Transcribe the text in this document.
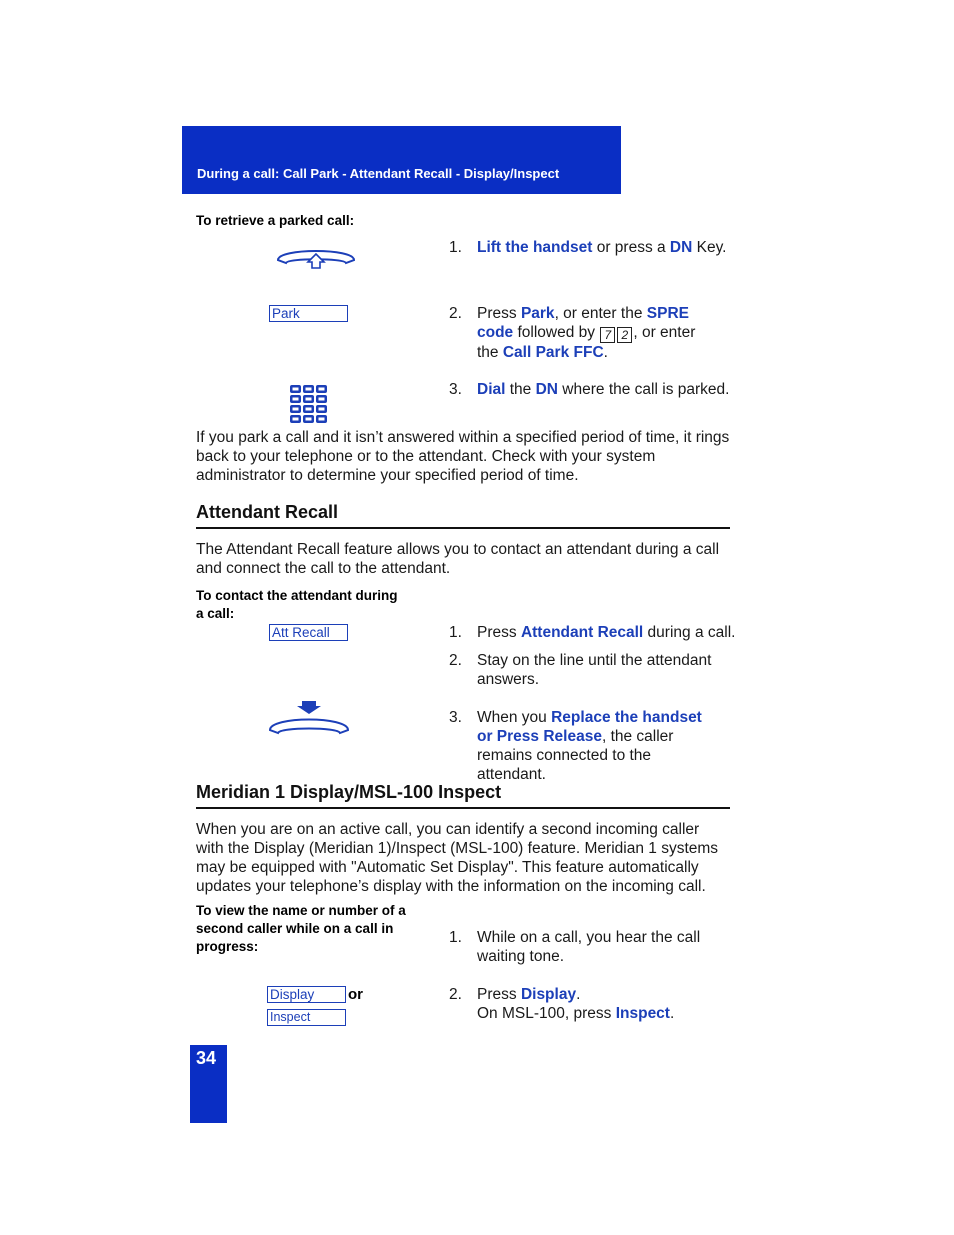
During a call: Call Park - Attendant Recall - Display/Inspect
To retrieve a parked call:
Park
1. Lift the handset or press a DN Key.
2. Press Park, or enter the SPRE code followed by 7 2 , or enter the Call Park FFC.
3. Dial the DN where the call is parked.
If you park a call and it isn’t answered within a specified period of time, it rings back to your telephone or to the attendant. Check with your system administrator to determine your specified period of time.
Attendant Recall
The Attendant Recall feature allows you to contact an attendant during a call and connect the call to the attendant.
To contact the attendant during a call:
Att Recall	1. Press Attendant Recall during a call.
2. Stay on the line until the attendant answers.
3. When you Replace the handset or Press Release, the caller remains connected to the attendant.
Meridian 1 Display/MSL-100 Inspect
When you are on an active call, you can identify a second incoming caller with the Display (Meridian 1)/Inspect (MSL-100) feature. Meridian 1 systems may be equipped with "Automatic Set Display". This feature automatically updates your telephone’s display with the information on the incoming call.
To view the name or number of a second caller while on a call in progress:
Display	or
Inspect
1. While on a call, you hear the call waiting tone.
2. Press Display.
On MSL-100, press Inspect.
34
